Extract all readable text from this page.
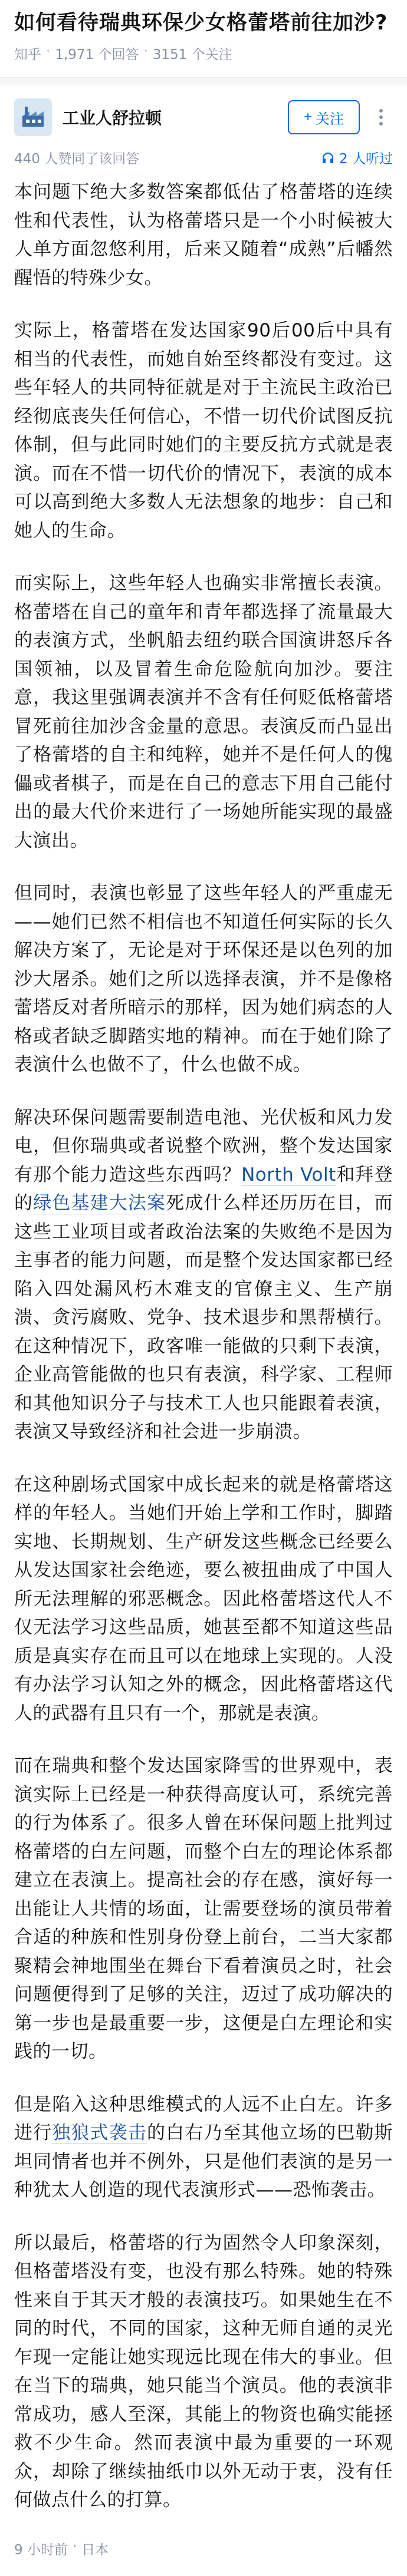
如何看待瑞典环保少女格蕾塔前往加沙?
知乎 · 1,971 个回答 · 3151 个关注
工业人舒拉顿	+ 关注
440 人赞同了该回答	2 人听过

本问题下绝大多数答案都低估了格蕾塔的连续性和代表性，认为格蕾塔只是一个小时候被大人单方面忽悠利用，后来又随着“成熟”后幡然醒悟的特殊少女。

实际上，格蕾塔在发达国家90后00后中具有相当的代表性，而她自始至终都没有变过。这些年轻人的共同特征就是对于主流民主政治已经彻底丧失任何信心，不惜一切代价试图反抗体制，但与此同时她们的主要反抗方式就是表演。而在不惜一切代价的情况下，表演的成本可以高到绝大多数人无法想象的地步：自己和她人的生命。

而实际上，这些年轻人也确实非常擅长表演。格蕾塔在自己的童年和青年都选择了流量最大的表演方式，坐帆船去纽约联合国演讲怒斥各国领袖，以及冒着生命危险航向加沙。要注意，我这里强调表演并不含有任何贬低格蕾塔冒死前往加沙含金量的意思。表演反而凸显出了格蕾塔的自主和纯粹，她并不是任何人的傀儡或者棋子，而是在自己的意志下用自己能付出的最大代价来进行了一场她所能实现的最盛大演出。

但同时，表演也彰显了这些年轻人的严重虚无——她们已然不相信也不知道任何实际的长久解决方案了，无论是对于环保还是以色列的加沙大屠杀。她们之所以选择表演，并不是像格蕾塔反对者所暗示的那样，因为她们病态的人格或者缺乏脚踏实地的精神。而在于她们除了表演什么也做不了，什么也做不成。

解决环保问题需要制造电池、光伏板和风力发电，但你瑞典或者说整个欧洲，整个发达国家有那个能力造这些东西吗？North Volt和拜登的绿色基建大法案死成什么样还历历在目，而这些工业项目或者政治法案的失败绝不是因为主事者的能力问题，而是整个发达国家都已经陷入四处漏风朽木难支的官僚主义、生产崩溃、贪污腐败、党争、技术退步和黑帮横行。在这种情况下，政客唯一能做的只剩下表演，企业高管能做的也只有表演，科学家、工程师和其他知识分子与技术工人也只能跟着表演，表演又导致经济和社会进一步崩溃。

在这种剧场式国家中成长起来的就是格蕾塔这样的年轻人。当她们开始上学和工作时，脚踏实地、长期规划、生产研发这些概念已经要么从发达国家社会绝迹，要么被扭曲成了中国人所无法理解的邪恶概念。因此格蕾塔这代人不仅无法学习这些品质，她甚至都不知道这些品质是真实存在而且可以在地球上实现的。人没有办法学习认知之外的概念，因此格蕾塔这代人的武器有且只有一个，那就是表演。

而在瑞典和整个发达国家降雪的世界观中，表演实际上已经是一种获得高度认可，系统完善的行为体系了。很多人曾在环保问题上批判过格蕾塔的白左问题，而整个白左的理论体系都建立在表演上。提高社会的存在感，演好每一出能让人共情的场面，让需要登场的演员带着合适的种族和性别身份登上前台，二当大家都聚精会神地围坐在舞台下看着演员之时，社会问题便得到了足够的关注，迈过了成功解决的第一步也是最重要一步，这便是白左理论和实践的一切。

但是陷入这种思维模式的人远不止白左。许多进行独狼式袭击的白右乃至其他立场的巴勒斯坦同情者也并不例外，只是他们表演的是另一种犹太人创造的现代表演形式——恐怖袭击。

所以最后，格蕾塔的行为固然令人印象深刻，但格蕾塔没有变，也没有那么特殊。她的特殊性来自于其天才般的表演技巧。如果她生在不同的时代，不同的国家，这种无师自通的灵光乍现一定能让她实现远比现在伟大的事业。但在当下的瑞典，她只能当个演员。他的表演非常成功，感人至深，其能上的物资也确实能拯救不少生命。然而表演中最为重要的一环观众，却除了继续抽纸巾以外无动于衷，没有任何做点什么的打算。

9 小时前 · 日本
